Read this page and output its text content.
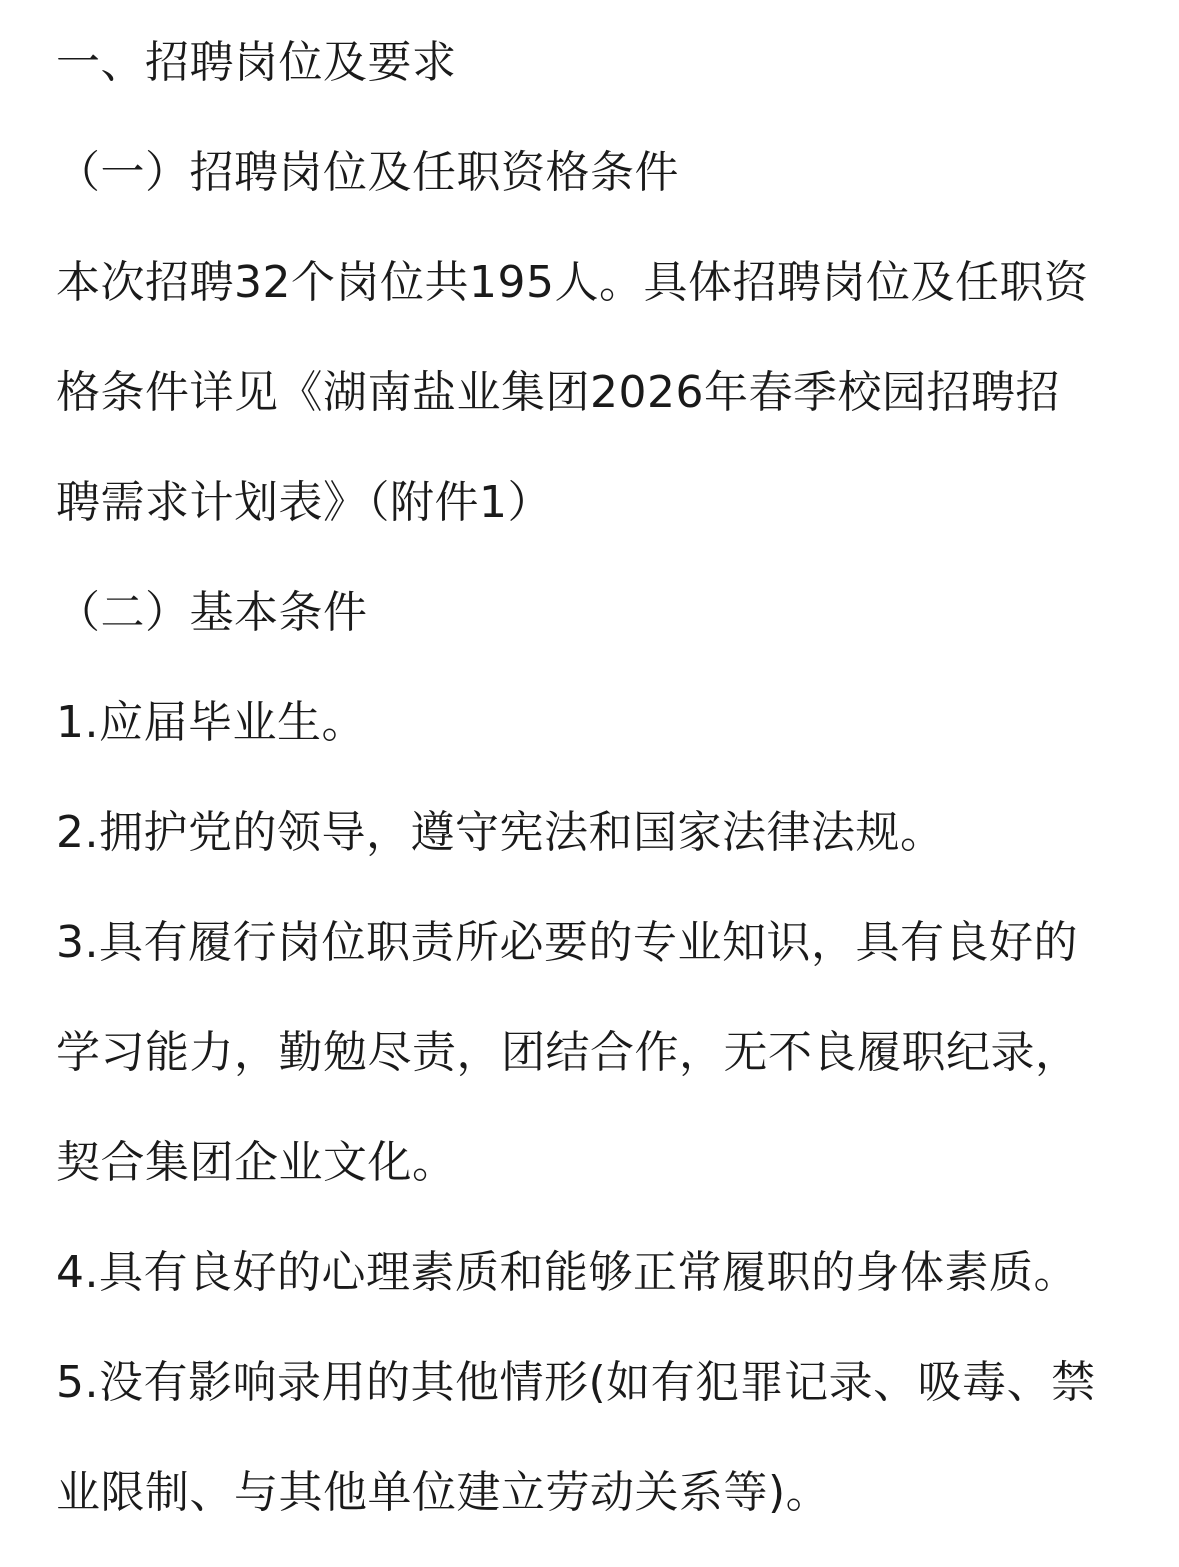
一、招聘岗位及要求
（一）招聘岗位及任职资格条件
本次招聘32个岗位共195人。具体招聘岗位及任职资
格条件详见《湖南盐业集团2026年春季校园招聘招
聘需求计划表》（附件1）
（二）基本条件
1.应届毕业生。
2.拥护党的领导，遵守宪法和国家法律法规。
3.具有履行岗位职责所必要的专业知识，具有良好的
学习能力，勤勉尽责，团结合作，无不良履职纪录，
契合集团企业文化。
4.具有良好的心理素质和能够正常履职的身体素质。
5.没有影响录用的其他情形(如有犯罪记录、吸毒、禁
业限制、与其他单位建立劳动关系等)。
